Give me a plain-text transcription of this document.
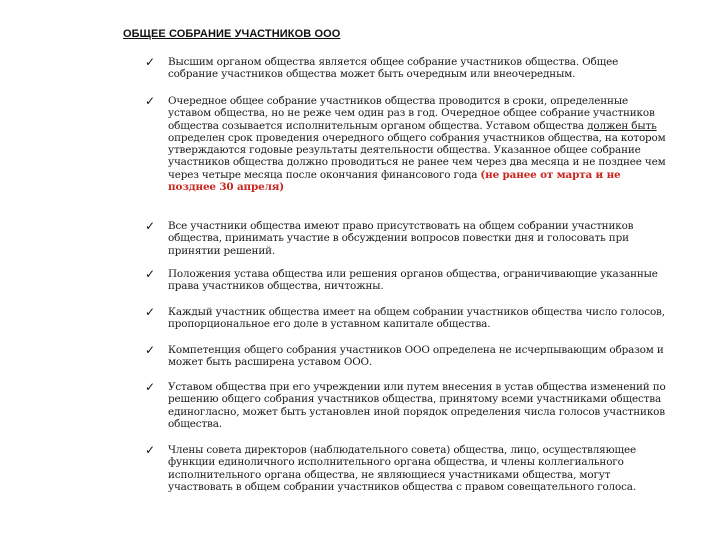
ОБЩЕЕ СОБРАНИЕ УЧАСТНИКОВ ООО
✓ Высшим органом общества является общее собрание участников общества. Общее собрание участников общества может быть очередным или внеочередным.
✓ Очередное общее собрание участников общества проводится в сроки, определенные уставом общества, но не реже чем один раз в год. Очередное общее собрание участников общества созывается исполнительным органом общества. Уставом общества должен быть определен срок проведения очередного общего собрания участников общества, на котором утверждаются годовые результаты деятельности общества. Указанное общее собрание участников общества должно проводиться не ранее чем через два месяца и не позднее чем через четыре месяца после окончания финансового года (не ранее от марта и не позднее 30 апреля)
✓ Все участники общества имеют право присутствовать на общем собрании участников общества, принимать участие в обсуждении вопросов повестки дня и голосовать при принятии решений.
✓ Положения устава общества или решения органов общества, ограничивающие указанные права участников общества, ничтожны.
✓ Каждый участник общества имеет на общем собрании участников общества число голосов, пропорциональное его доле в уставном капитале общества.
✓ Компетенция общего собрания участников ООО определена не исчерпывающим образом и может быть расширена уставом ООО.
✓ Уставом общества при его учреждении или путем внесения в устав общества изменений по решению общего собрания участников общества, принятому всеми участниками общества единогласно, может быть установлен иной порядок определения числа голосов участников общества.
✓ Члены совета директоров (наблюдательного совета) общества, лицо, осуществляющее функции единоличного исполнительного органа общества, и члены коллегиального исполнительного органа общества, не являющиеся участниками общества, могут участвовать в общем собрании участников общества с правом совещательного голоса.
